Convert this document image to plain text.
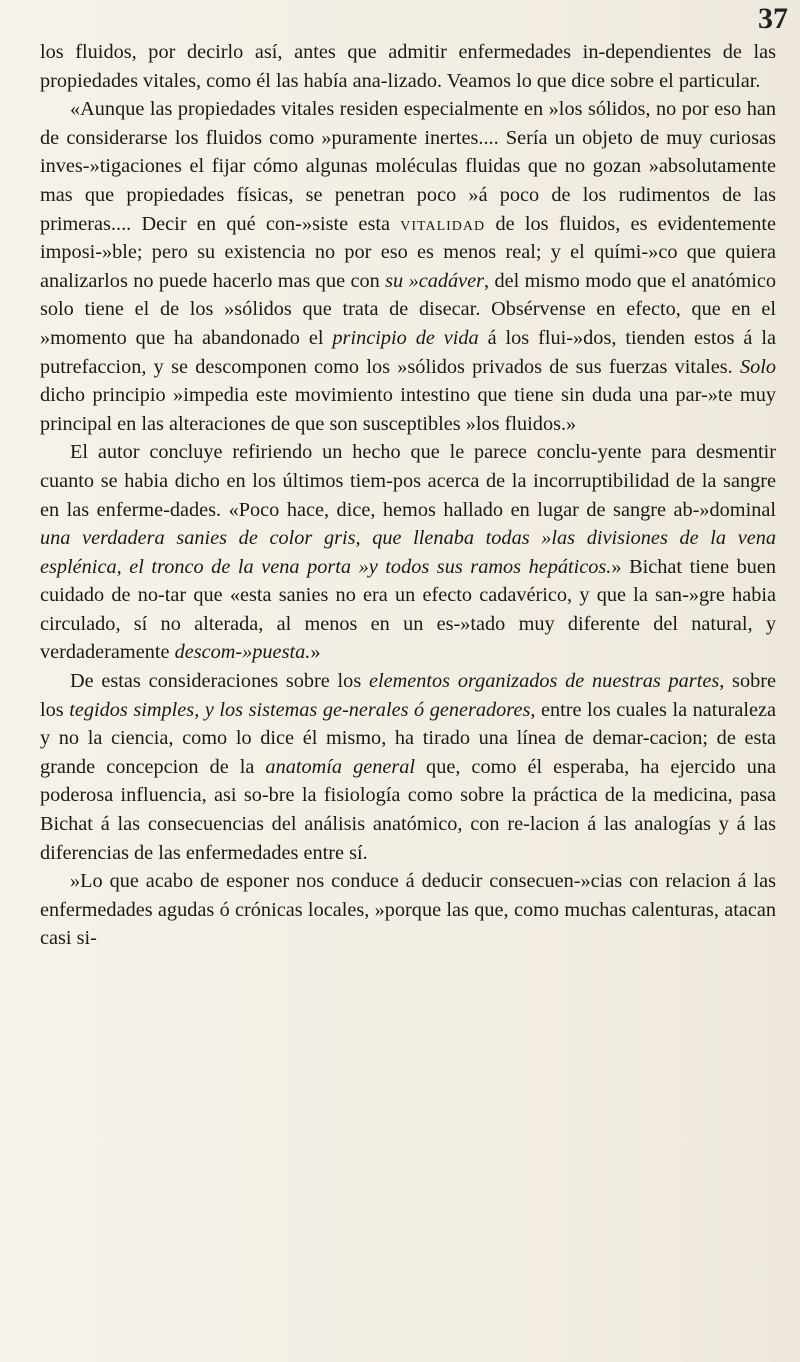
37

los fluidos, por decirlo así, antes que admitir enfermedades in-dependientes de las propiedades vitales, como él las había ana-lizado. Veamos lo que dice sobre el particular.

«Aunque las propiedades vitales residen especialmente en »los sólidos, no por eso han de considerarse los fluidos como »puramente inertes.... Sería un objeto de muy curiosas inves-»tigaciones el fijar cómo algunas moléculas fluidas que no gozan »absolutamente mas que propiedades físicas, se penetran poco »á poco de los rudimentos de las primeras.... Decir en qué con-»siste esta vitalidad de los fluidos, es evidentemente imposi-»ble; pero su existencia no por eso es menos real; y el quími-»co que quiera analizarlos no puede hacerlo mas que con su »cadáver, del mismo modo que el anatómico solo tiene el de los »sólidos que trata de disecar. Obsérvense en efecto, que en el »momento que ha abandonado el principio de vida á los flui-»dos, tienden estos á la putrefaccion, y se descomponen como los »sólidos privados de sus fuerzas vitales. Solo dicho principio »impedia este movimiento intestino que tiene sin duda una par-»te muy principal en las alteraciones de que son susceptibles »los fluidos.»

El autor concluye refiriendo un hecho que le parece conclu-yente para desmentir cuanto se habia dicho en los últimos tiem-pos acerca de la incorruptibilidad de la sangre en las enferme-dades. «Poco hace, dice, hemos hallado en lugar de sangre ab-»dominal una verdadera sanies de color gris, que llenaba todas »las divisiones de la vena esplénica, el tronco de la vena porta »y todos sus ramos hepáticos.» Bichat tiene buen cuidado de no-tar que «esta sanies no era un efecto cadavérico, y que la san-»gre habia circulado, sí no alterada, al menos en un es-»tado muy diferente del natural, y verdaderamente descom-»puesta.»

De estas consideraciones sobre los elementos organizados de nuestras partes, sobre los tegidos simples, y los sistemas ge-nerales ó generadores, entre los cuales la naturaleza y no la ciencia, como lo dice él mismo, ha tirado una línea de demar-cacion; de esta grande concepcion de la anatomía general que, como él esperaba, ha ejercido una poderosa influencia, asi so-bre la fisiología como sobre la práctica de la medicina, pasa Bichat á las consecuencias del análisis anatómico, con re-lacion á las analogías y á las diferencias de las enfermedades entre sí.

»Lo que acabo de esponer nos conduce á deducir consecuen-»cias con relacion á las enfermedades agudas ó crónicas locales, »porque las que, como muchas calenturas, atacan casi si-
